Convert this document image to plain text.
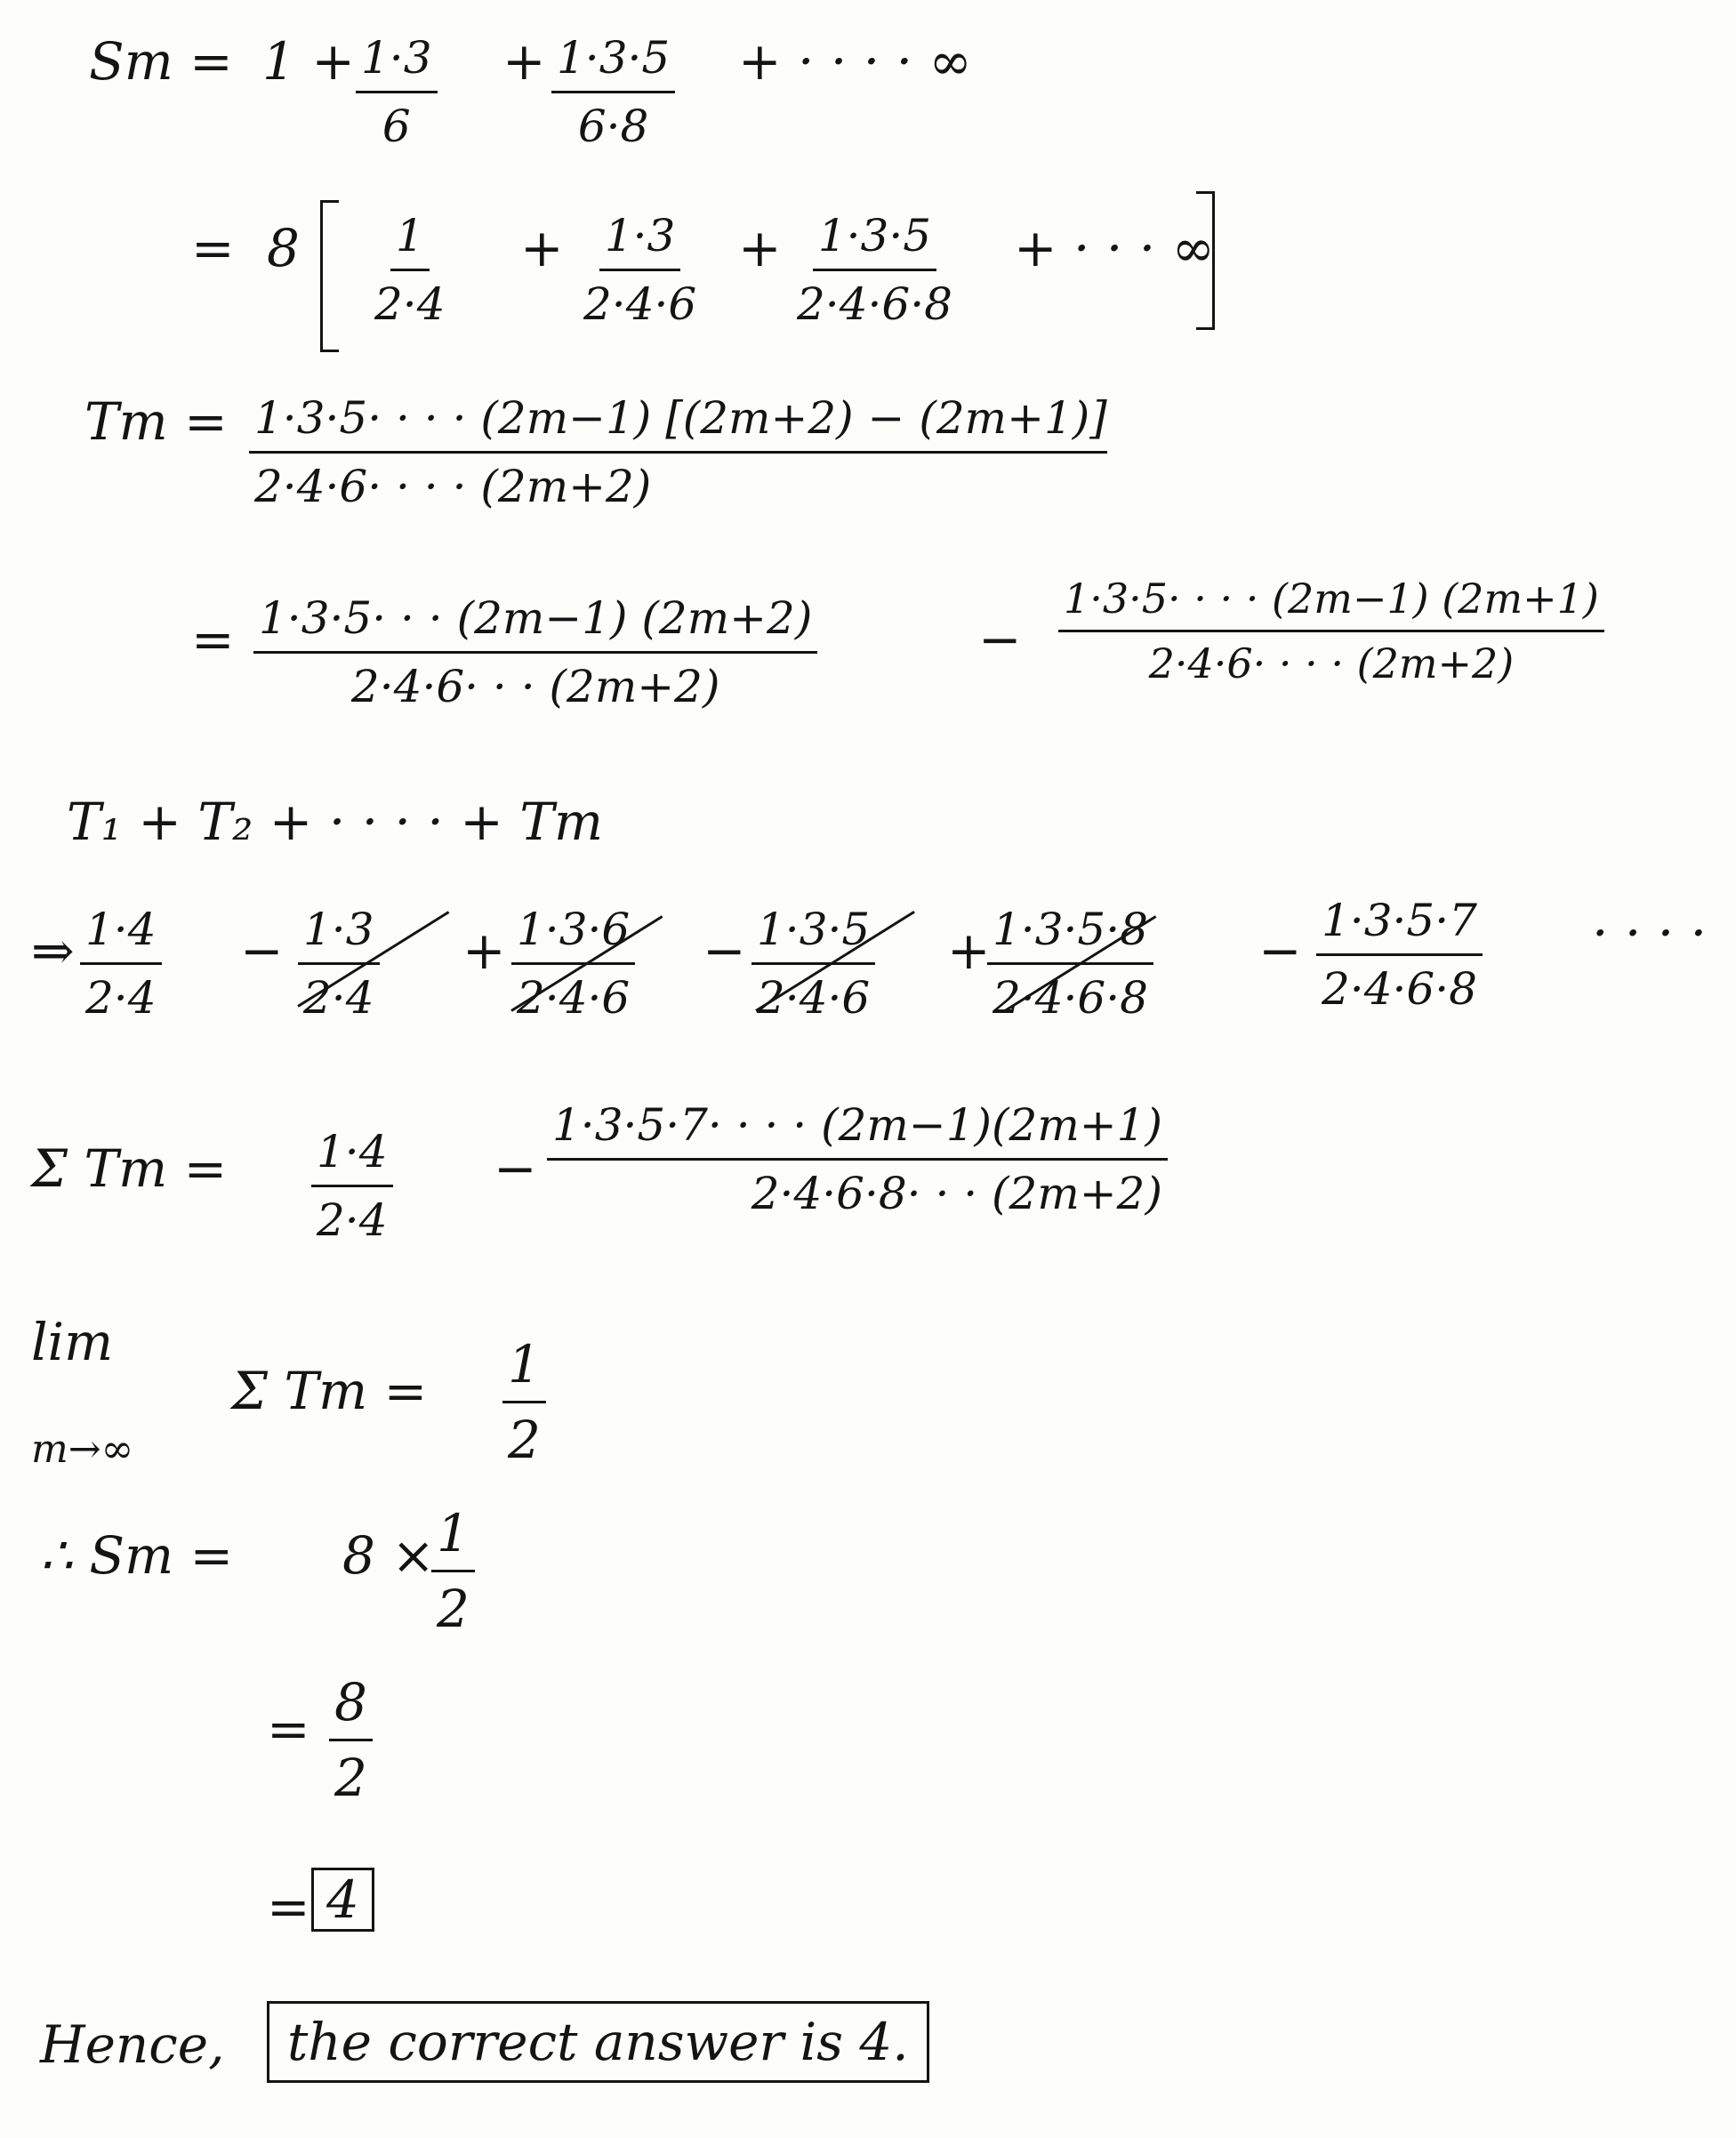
$Sm = 1 + \frac{1\cdot 3}{6} + \frac{1\cdot 3\cdot 5}{6\cdot 8}$ + · · · · ∞
= $8 \frac{1}{2\cdot 4} + \frac{1\cdot 3}{2\cdot 4\cdot 6} + \frac{1\cdot 3\cdot 5}{2\cdot 4\cdot 6\cdot 8}$ + · · · ∞
$Tm = \frac{1\cdot 3\cdot 5\cdot \cdot \cdot \cdot (2m-1) [(2m+2) - (2m+1)]}{2\cdot 4\cdot 6\cdot \cdot \cdot \cdot (2m+2)}$
= $\frac{1\cdot 3\cdot 5\cdot \cdot \cdot (2m-1) (2m+2)}{2\cdot 4\cdot 6\cdot \cdot \cdot (2m+2)}$	− $\frac{1\cdot 3\cdot 5\cdot \cdot \cdot \cdot (2m-1) (2m+1)}{2\cdot 4\cdot 6\cdot \cdot \cdot \cdot (2m+2)}$
T₁ + T₂ + · · · · + Tm
⇒ $\frac{1\cdot 4}{2\cdot 4} - \frac{1\cdot 3}{2\cdot 4} + \frac{1\cdot 3\cdot 6}{2\cdot 4\cdot 6} - \frac{1\cdot 3\cdot 5}{2\cdot 4\cdot 6}$ +
$\frac{1\cdot 3\cdot 5\cdot 8}{2\cdot 4\cdot 6\cdot 8} - \frac{1\cdot 3\cdot 5\cdot 7}{2\cdot 4\cdot 6\cdot 8}$ · · · ·
Σ $Tm = \frac{1\cdot 4}{2\cdot 4} - \frac{1\cdot 3\cdot 5\cdot 7\cdot \cdot \cdot \cdot (2m-1)(2m+1)}{2\cdot 4\cdot 6\cdot 8\cdot \cdot \cdot (2m+2)}$
lim
m→∞
Σ $Tm = \frac{1}{2}$
∴ Sm = 8 ×
$\frac{1}{2}$
= $\frac{8}{2}$
= 4
Hence,	the correct answer is 4.
